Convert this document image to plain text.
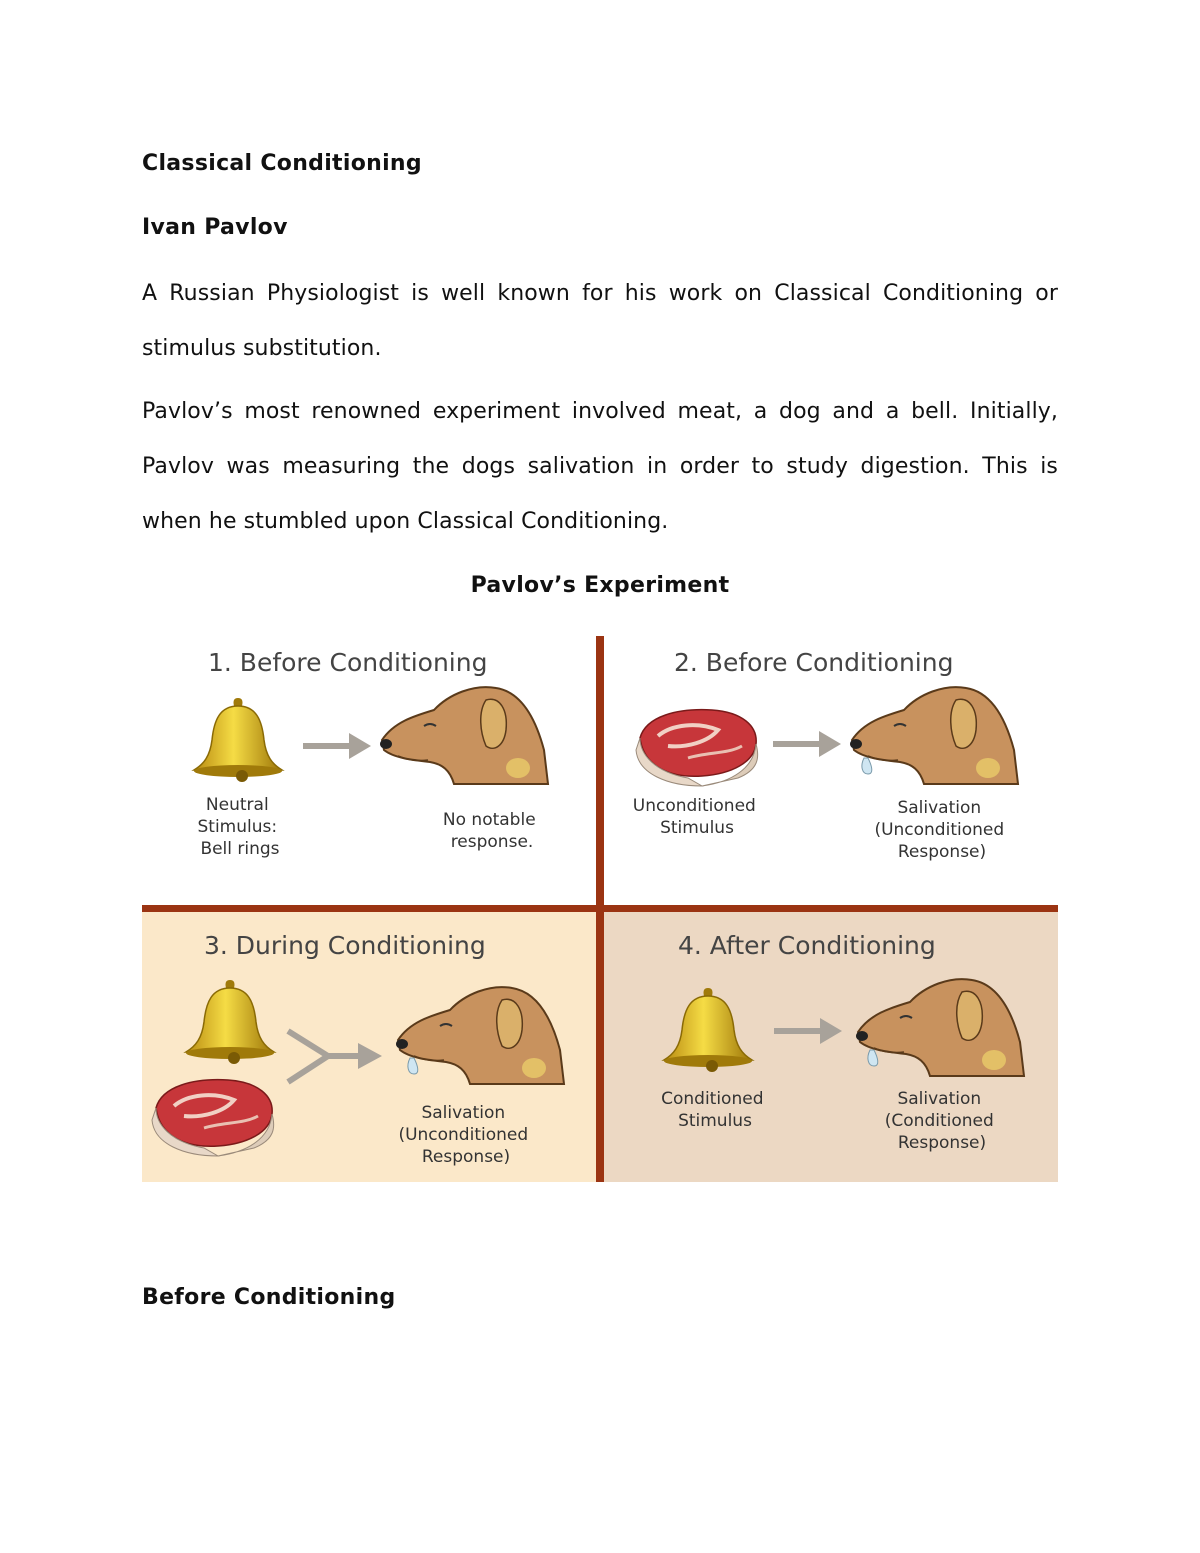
Classical Conditioning
Ivan Pavlov

A Russian Physiologist is well known for his work on Classical Conditioning or stimulus substitution.

Pavlov’s most renowned experiment involved meat, a dog and a bell. Initially, Pavlov was measuring the dogs salivation in order to study digestion. This is when he stumbled upon Classical Conditioning.

Pavlov’s Experiment
1. Before Conditioning
Neutral Stimulus: Bell rings
No notable response.
2. Before Conditioning
Unconditioned Stimulus
Salivation (Unconditioned Response)
3. During Conditioning
Salivation (Unconditioned Response)
4. After Conditioning
Conditioned Stimulus
Salivation (Conditioned Response)
Before Conditioning
